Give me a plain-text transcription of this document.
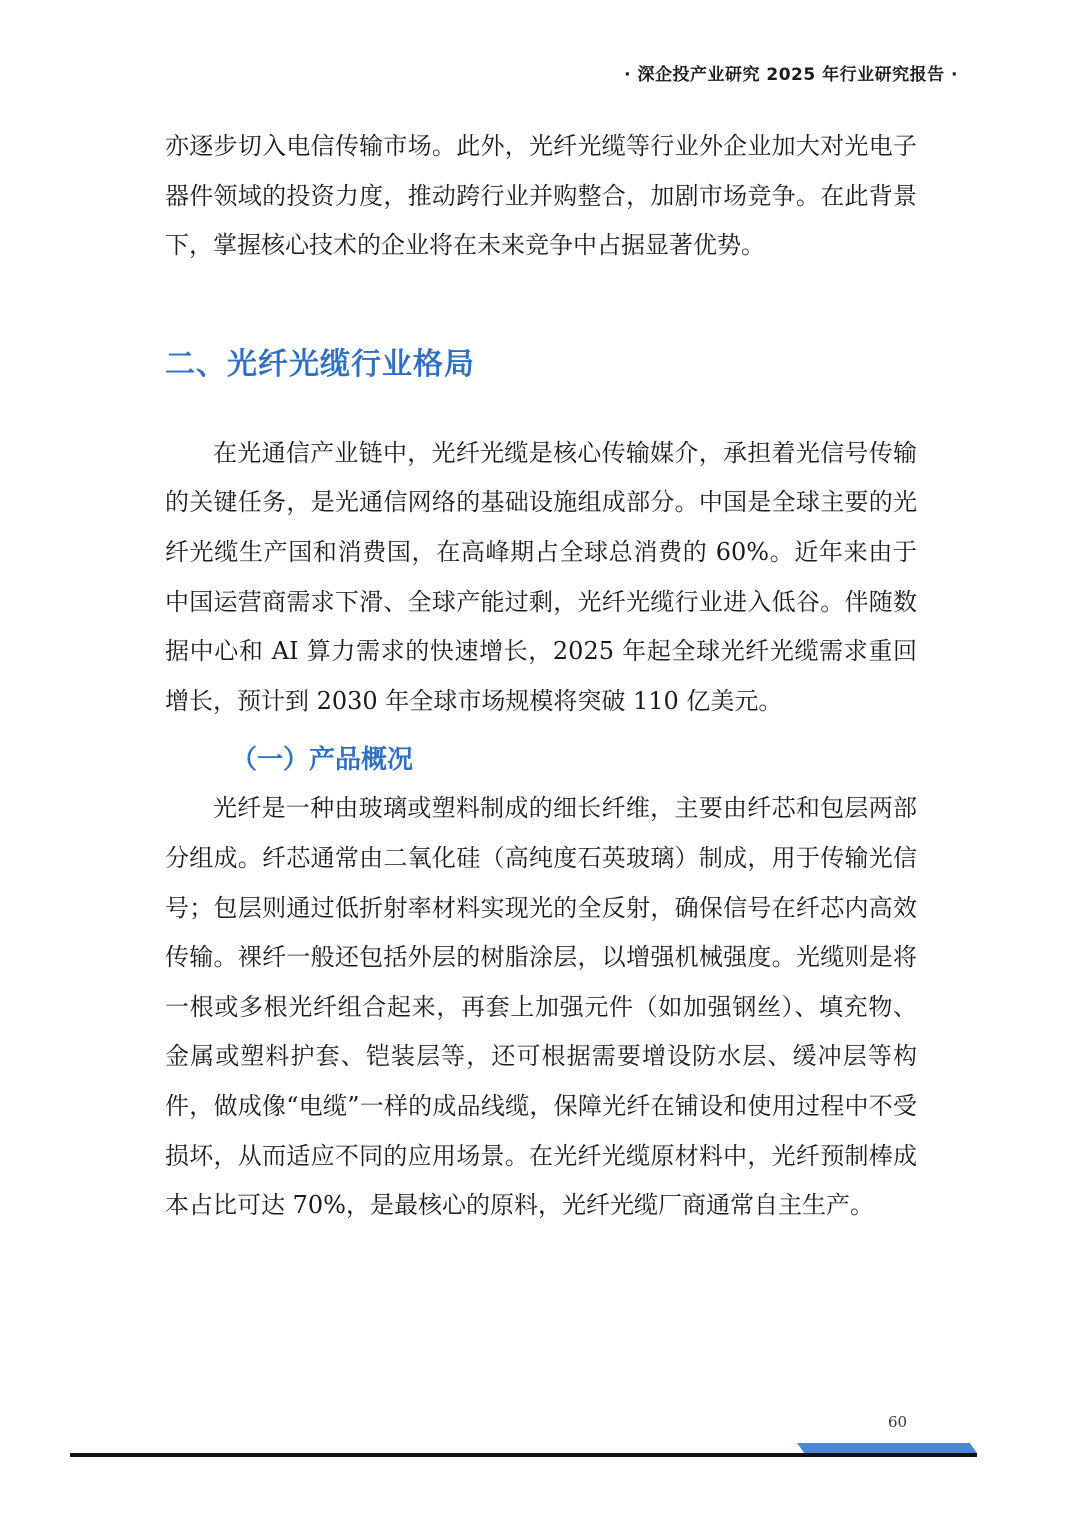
· 深企投产业研究 2025 年行业研究报告 ·

亦逐步切入电信传输市场。此外，光纤光缆等行业外企业加大对光电子器件领域的投资力度，推动跨行业并购整合，加剧市场竞争。在此背景下，掌握核心技术的企业将在未来竞争中占据显著优势。

二、光纤光缆行业格局

在光通信产业链中，光纤光缆是核心传输媒介，承担着光信号传输的关键任务，是光通信网络的基础设施组成部分。中国是全球主要的光纤光缆生产国和消费国，在高峰期占全球总消费的 60%。近年来由于中国运营商需求下滑、全球产能过剩，光纤光缆行业进入低谷。伴随数据中心和 AI 算力需求的快速增长，2025 年起全球光纤光缆需求重回增长，预计到 2030 年全球市场规模将突破 110 亿美元。

（一）产品概况

光纤是一种由玻璃或塑料制成的细长纤维，主要由纤芯和包层两部分组成。纤芯通常由二氧化硅（高纯度石英玻璃）制成，用于传输光信号；包层则通过低折射率材料实现光的全反射，确保信号在纤芯内高效传输。裸纤一般还包括外层的树脂涂层，以增强机械强度。光缆则是将一根或多根光纤组合起来，再套上加强元件（如加强钢丝）、填充物、金属或塑料护套、铠装层等，还可根据需要增设防水层、缓冲层等构件，做成像“电缆”一样的成品线缆，保障光纤在铺设和使用过程中不受损坏，从而适应不同的应用场景。在光纤光缆原材料中，光纤预制棒成本占比可达 70%，是最核心的原料，光纤光缆厂商通常自主生产。

60
